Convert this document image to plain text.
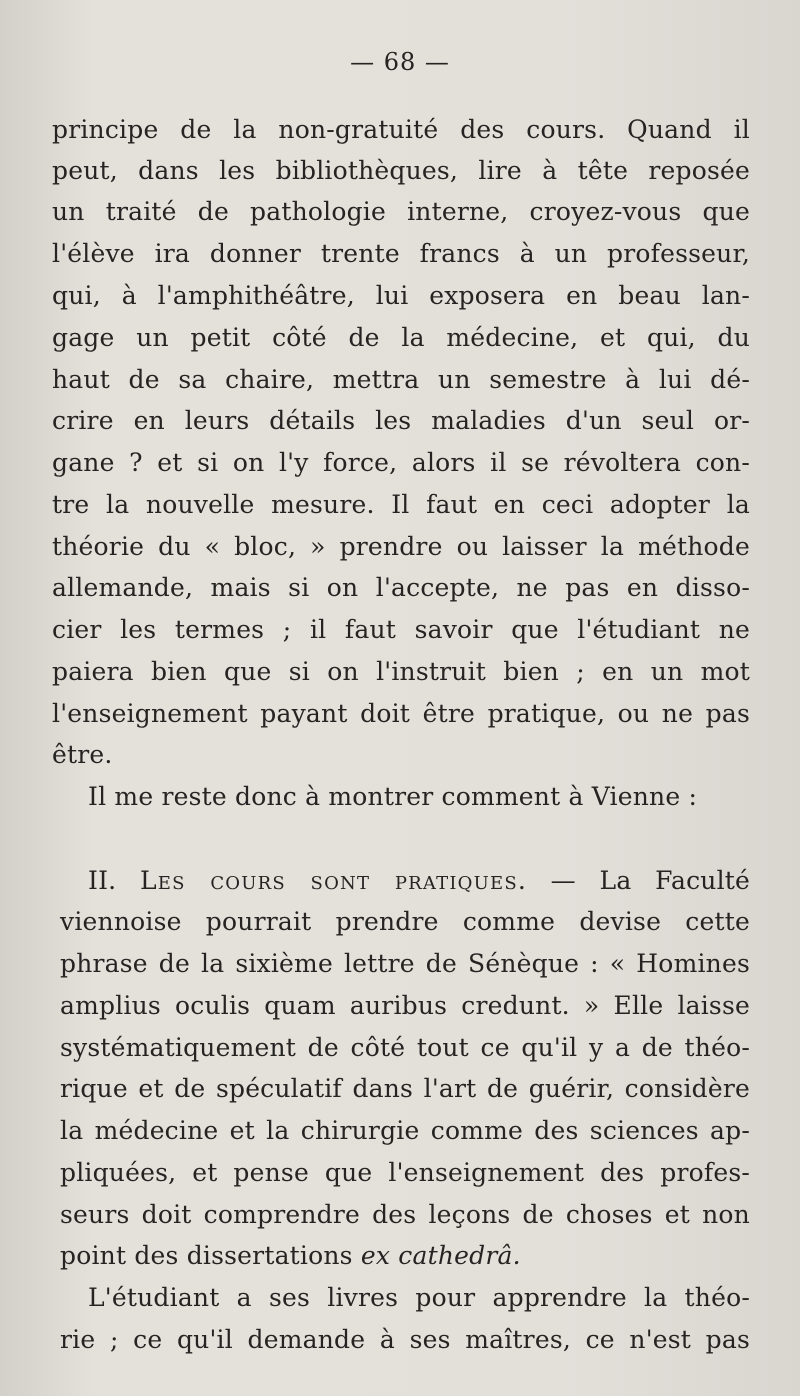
— 68 —
principe de la non-gratuité des cours. Quand il
peut, dans les bibliothèques, lire à tête reposée
un traité de pathologie interne, croyez-vous que
l'élève ira donner trente francs à un professeur,
qui, à l'amphithéâtre, lui exposera en beau lan-
gage un petit côté de la médecine, et qui, du
haut de sa chaire, mettra un semestre à lui dé-
crire en leurs détails les maladies d'un seul or-
gane ? et si on l'y force, alors il se révoltera con-
tre la nouvelle mesure. Il faut en ceci adopter la
théorie du « bloc, » prendre ou laisser la méthode
allemande, mais si on l'accepte, ne pas en disso-
cier les termes ; il faut savoir que l'étudiant ne
paiera bien que si on l'instruit bien ; en un mot
l'enseignement payant doit être pratique, ou ne pas
être.
Il me reste donc à montrer comment à Vienne :
II. Les cours sont pratiques. — La Faculté
viennoise pourrait prendre comme devise cette
phrase de la sixième lettre de Sénèque : « Homines
amplius oculis quam auribus credunt. » Elle laisse
systématiquement de côté tout ce qu'il y a de théo-
rique et de spéculatif dans l'art de guérir, considère
la médecine et la chirurgie comme des sciences ap-
pliquées, et pense que l'enseignement des profes-
seurs doit comprendre des leçons de choses et non
point des dissertations ex cathedrâ.
L'étudiant a ses livres pour apprendre la théo-
rie ; ce qu'il demande à ses maîtres, ce n'est pas
